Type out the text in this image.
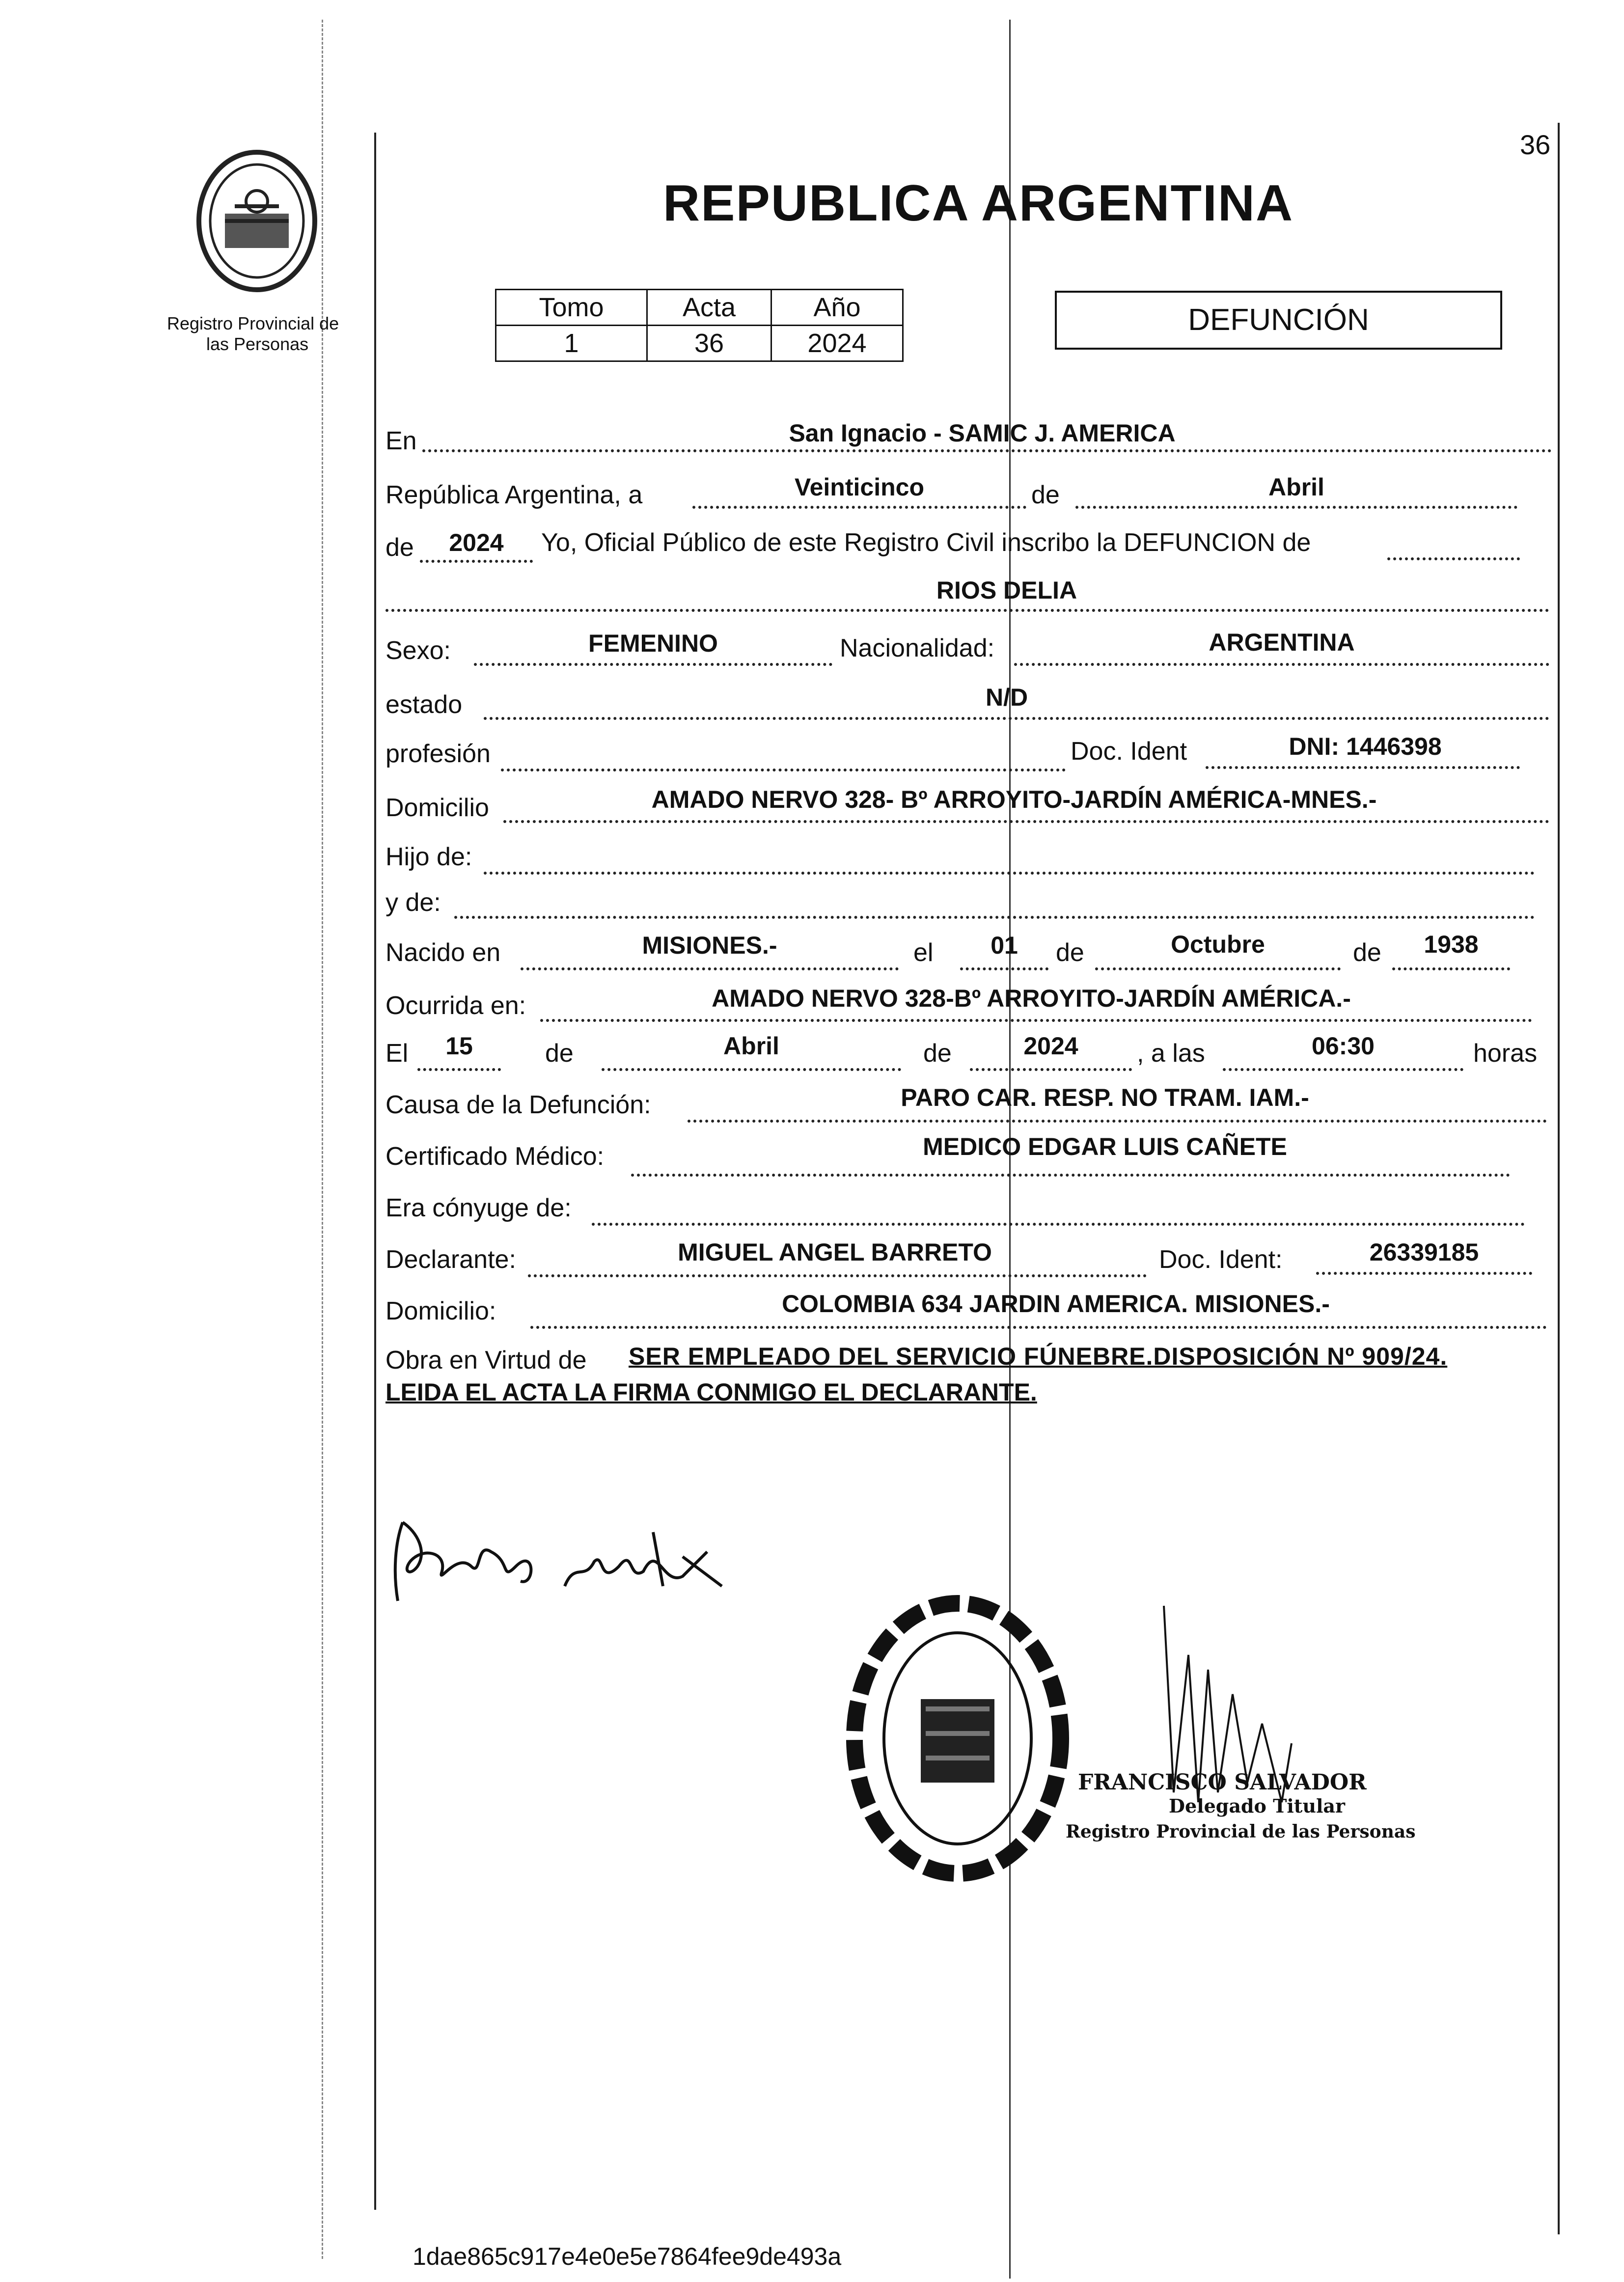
Registro Provincial de
las Personas
36
REPUBLICA ARGENTINA
Tomo	Acta	Año
1	36	2024
DEFUNCIÓN
En	San Ignacio - SAMIC J. AMERICA
República Argentina, a	Veinticinco	de	Abril
de	2024	Yo, Oficial Público de este Registro Civil inscribo la DEFUNCION de
RIOS DELIA
Sexo:	FEMENINO	Nacionalidad:	ARGENTINA
estado	N/D
profesión	Doc. Ident	DNI: 1446398
Domicilio	AMADO NERVO 328- Bº ARROYITO-JARDÍN AMÉRICA-MNES.-
Hijo de:
y de:
Nacido en	MISIONES.-	el	01	de	Octubre	de	1938
Ocurrida en:	AMADO NERVO 328-Bº ARROYITO-JARDÍN AMÉRICA.-
El	15	de	Abril	de	2024	, a las	06:30	horas
Causa de la Defunción:	PARO CAR. RESP. NO TRAM. IAM.-
Certificado Médico:	MEDICO EDGAR LUIS CAÑETE
Era cónyuge de:
Declarante:	MIGUEL ANGEL BARRETO	Doc. Ident:	26339185
Domicilio:	COLOMBIA 634 JARDIN AMERICA. MISIONES.-
Obra en Virtud de SER EMPLEADO DEL SERVICIO FÚNEBRE.DISPOSICIÓN Nº 909/24.
LEIDA EL ACTA LA FIRMA CONMIGO EL DECLARANTE.
FRANCISCO SALVADOR
Delegado Titular
Registro Provincial de las Personas
1dae865c917e4e0e5e7864fee9de493a
